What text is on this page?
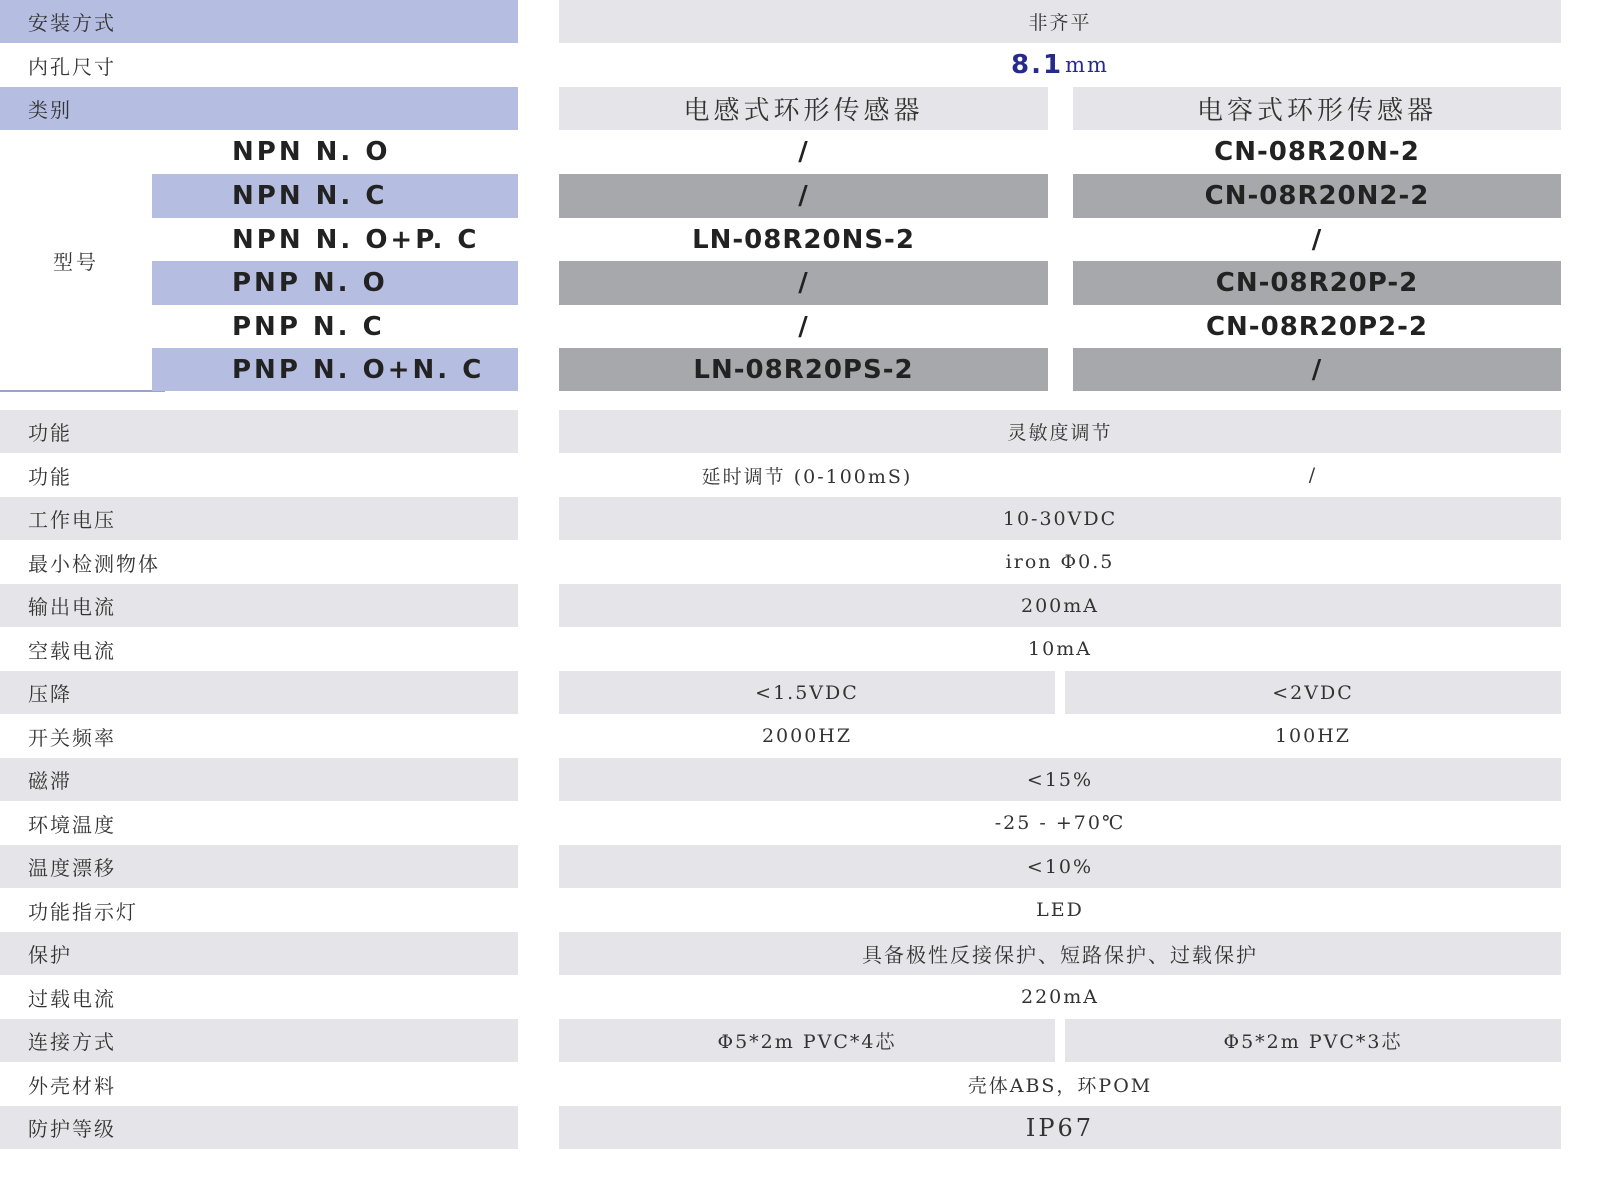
安装方式	非齐平
内孔尺寸	8.1 mm
类别	电感式环形传感器	电容式环形传感器
型号
NPN N. O	/	CN-08R20N-2
NPN N. C	/	CN-08R20N2-2
NPN N. O+P. C	LN-08R20NS-2	/
PNP N. O	/	CN-08R20P-2
PNP N. C	/	CN-08R20P2-2
PNP N. O+N. C	LN-08R20PS-2	/
功能	灵敏度调节
功能	延时调节 (0-100mS)	/
工作电压	10-30VDC
最小检测物体	iron Φ0.5
输出电流	200mA
空载电流	10mA
压降	<1.5VDC	<2VDC
开关频率	2000HZ	100HZ
磁滞	<15%
环境温度	-25 - +70℃
温度漂移	<10%
功能指示灯	LED
保护	具备极性反接保护、短路保护、过载保护
过载电流	220mA
连接方式	Φ5*2m PVC*4芯	Φ5*2m PVC*3芯
外壳材料	壳体ABS，环POM
防护等级	IP67
